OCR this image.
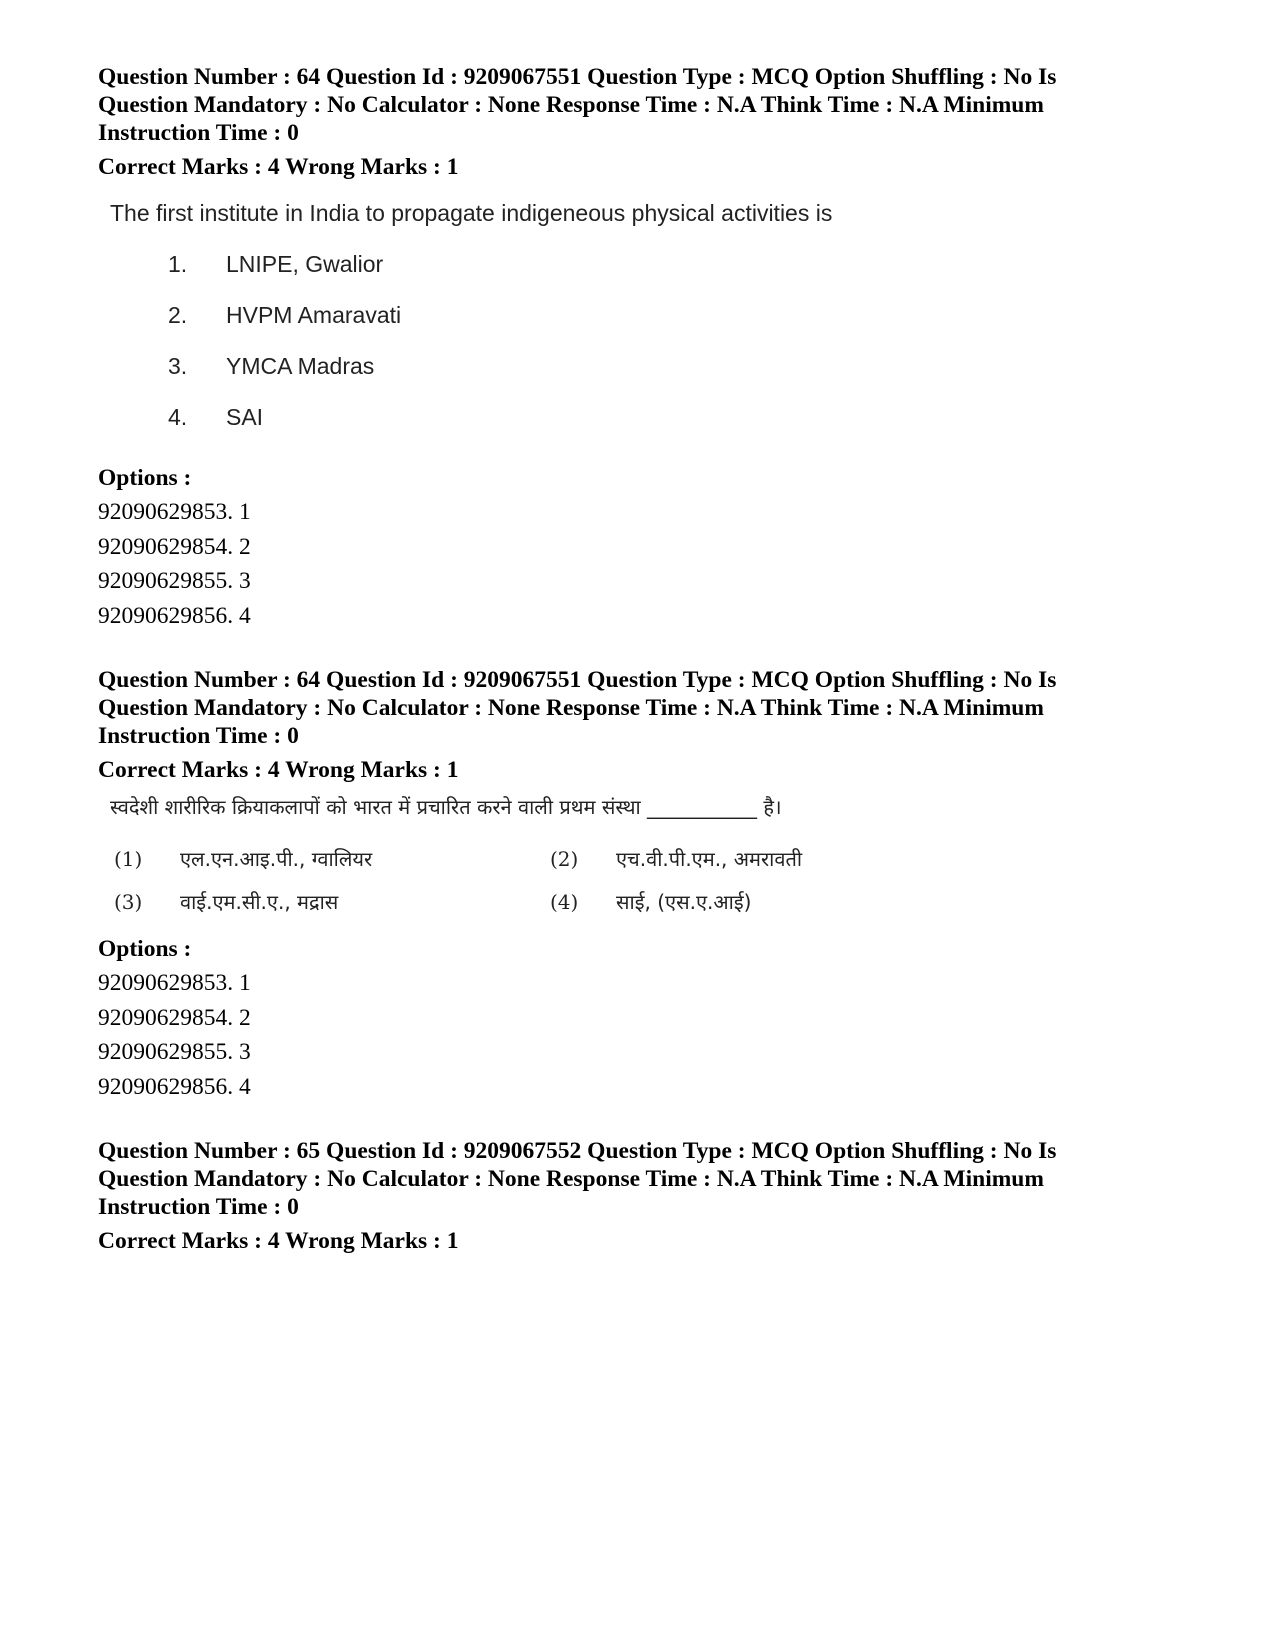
Question Number : 64 Question Id : 9209067551 Question Type : MCQ Option Shuffling : No Is

Question Mandatory : No Calculator : None Response Time : N.A Think Time : N.A Minimum

Instruction Time : 0

Correct Marks : 4 Wrong Marks : 1

The first institute in India to propagate indigeneous physical activities is

1. LNIPE, Gwalior
2. HVPM Amaravati
3. YMCA Madras
4. SAI

Options :

92090629853. 1

92090629854. 2

92090629855. 3

92090629856. 4

Question Number : 64 Question Id : 9209067551 Question Type : MCQ Option Shuffling : No Is

Question Mandatory : No Calculator : None Response Time : N.A Think Time : N.A Minimum

Instruction Time : 0

Correct Marks : 4 Wrong Marks : 1

स्वदेशी शारीरिक क्रियाकलापों को भारत में प्रचारित करने वाली प्रथम संस्था ___________ है।

(1) एल.एन.आइ.पी., ग्वालियर	(2) एच.वी.पी.एम., अमरावती
(3) वाई.एम.सी.ए., मद्रास	(4) साई, (एस.ए.आई)

Options :

92090629853. 1

92090629854. 2

92090629855. 3

92090629856. 4

Question Number : 65 Question Id : 9209067552 Question Type : MCQ Option Shuffling : No Is

Question Mandatory : No Calculator : None Response Time : N.A Think Time : N.A Minimum

Instruction Time : 0

Correct Marks : 4 Wrong Marks : 1
